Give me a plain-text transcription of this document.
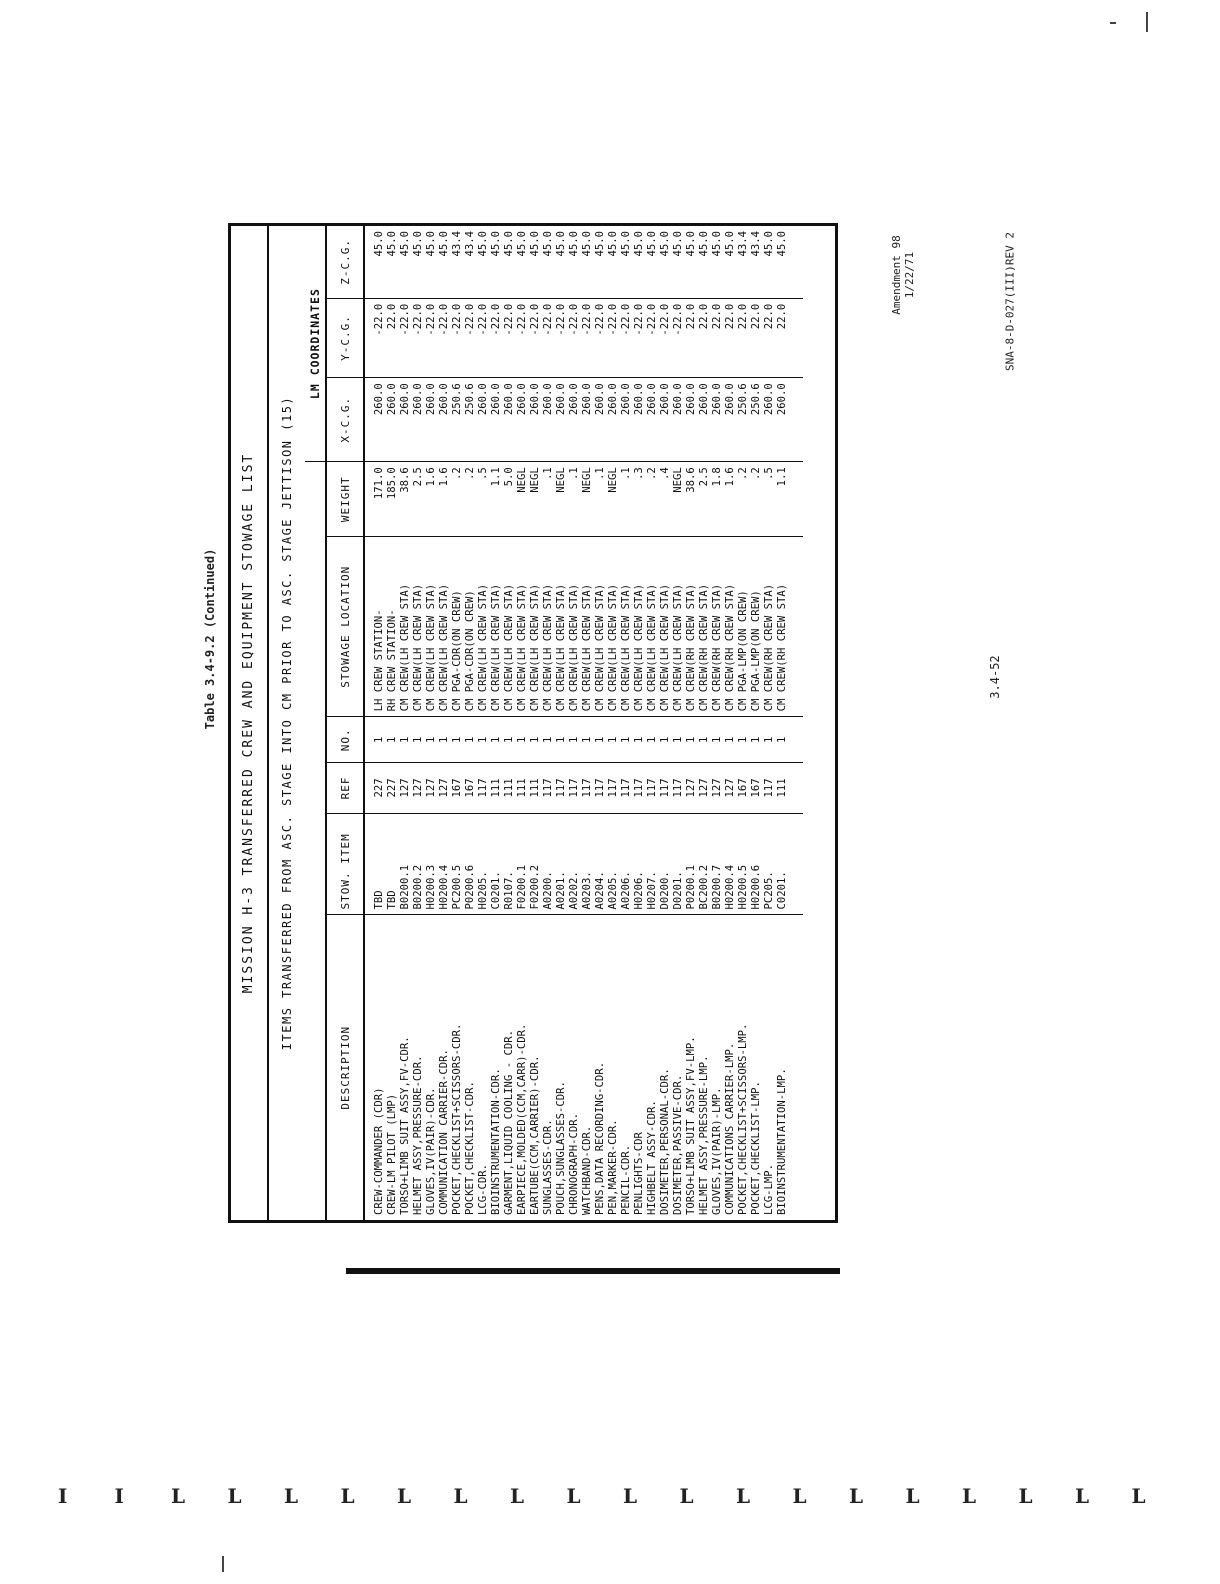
Amendment 98 1/22/71	SNA-8-D-027(III)REV 2
3.4-52
Table 3.4-9.2 (Continued)	MISSION H-3 TRANSFERRED CREW AND EQUIPMENT STOWAGE LIST	ITEMS TRANSFERRED FROM ASC. STAGE INTO CM PRIOR TO ASC. STAGE JETTISON (15)
						LM COORDINATES		
DESCRIPTION	STOW. ITEM	REF	NO.	STOWAGE LOCATION	WEIGHT	X-C.G.	Y-C.G.	Z-C.G.
CREW-COMMANDER (CDR)	TBD	227	1	LH CREW STATION-	171.0	260.0	-22.0	45.0
CREW-LM PILOT (LMP)	TBD	227	1	RH CREW STATION-	185.0	260.0	22.0	45.0
TORSO+LIMB SUIT ASSY,FV-CDR.	B0200.1	127	1	CM CREW(LH CREW STA)	38.6	260.0	-22.0	45.0
HELMET ASSY,PRESSURE-CDR.	B0200.2	127	1	CM CREW(LH CREW STA)	2.5	260.0	-22.0	45.0
GLOVES,IV(PAIR)-CDR.	H0200.3	127	1	CM CREW(LH CREW STA)	1.6	260.0	-22.0	45.0
COMMUNICATION CARRIER-CDR.	H0200.4	127	1	CM CREW(LH CREW STA)	1.6	260.0	-22.0	45.0
POCKET,CHECKLIST+SCISSORS-CDR.	PC200.5	167	1	CM PGA-CDR(ON CREW)	.2	250.6	-22.0	43.4
POCKET,CHECKLIST-CDR.	P0200.6	167	1	CM PGA-CDR(ON CREW)	.2	250.6	-22.0	43.4
LCG-CDR.	H0205.	117	1	CM CREW(LH CREW STA)	.5	260.0	-22.0	45.0
BIOINSTRUMENTATION-CDR.	C0201.	111	1	CM CREW(LH CREW STA)	1.1	260.0	-22.0	45.0
GARMENT,LIQUID COOLING - CDR.	R0107.	111	1	CM CREW(LH CREW STA)	5.0	260.0	-22.0	45.0
EARPIECE,MOLDED(CCM,CARR)-CDR.	F0200.1	111	1	CM CREW(LH CREW STA)	NEGL	260.0	-22.0	45.0
EARTUBE(CCM,CARRIER)-CDR.	F0200.2	111	1	CM CREW(LH CREW STA)	NEGL	260.0	-22.0	45.0
SUNGLASSES-CDR.	A0200.	117	1	CM CREW(LH CREW STA)	.1	260.0	-22.0	45.0
POUCH,SUNGLASSES-CDR.	A0201.	117	1	CM CREW(LH CREW STA)	NEGL	260.0	-22.0	45.0
CHRONOGRAPH-CDR.	A0202.	117	1	CM CREW(LH CREW STA)	.1	260.0	-22.0	45.0
WATCHBAND-CDR.	A0203.	117	1	CM CREW(LH CREW STA)	NEGL	260.0	-22.0	45.0
PENS,DATA RECORDING-CDR.	A0204.	117	1	CM CREW(LH CREW STA)	.1	260.0	-22.0	45.0
PEN,MARKER-CDR.	A0205.	117	1	CM CREW(LH CREW STA)	NEGL	260.0	-22.0	45.0
PENCIL-CDR.	A0206.	117	1	CM CREW(LH CREW STA)	.1	260.0	-22.0	45.0
PENLIGHTS-CDR	H0206.	117	1	CM CREW(LH CREW STA)	.3	260.0	-22.0	45.0
HIGHBELT ASSY-CDR.	H0207.	117	1	CM CREW(LH CREW STA)	.2	260.0	-22.0	45.0
DOSIMETER,PERSONAL-CDR.	D0200.	117	1	CM CREW(LH CREW STA)	.4	260.0	-22.0	45.0
DOSIMETER,PASSIVE-CDR.	D0201.	117	1	CM CREW(LH CREW STA)	NEGL	260.0	-22.0	45.0
TORSO+LIMB SUIT ASSY,FV-LMP.	P0200.1	127	1	CM CREW(RH CREW STA)	38.6	260.0	22.0	45.0
HELMET ASSY,PRESSURE-LMP.	BC200.2	127	1	CM CREW(RH CREW STA)	2.5	260.0	22.0	45.0
GLOVES,IV(PAIR)-LMP.	B0200.7	127	1	CM CREW(RH CREW STA)	1.8	260.0	22.0	45.0
COMMUNICATIONS CARRIER-LMP.	H0200.4	127	1	CM CREW(RH CREW STA)	1.6	260.0	22.0	45.0
POCKET,CHECKLIST+SCISSORS-LMP.	H0200.5	167	1	CM PGA-LMP(ON CREW)	.2	250.6	22.0	43.4
POCKET,CHECKLIST-LMP.	H0200.6	167	1	CM PGA-LMP(ON CREW)	.2	250.6	22.0	43.4
LCG-LMP.	PC205.	117	1	CM CREW(RH CREW STA)	.5	260.0	22.0	45.0
BIOINSTRUMENTATION-LMP.	C0201.	111	1	CM CREW(RH CREW STA)	1.1	260.0	22.0	45.0

I I L L L L L L L L L L L L L L L L L L
